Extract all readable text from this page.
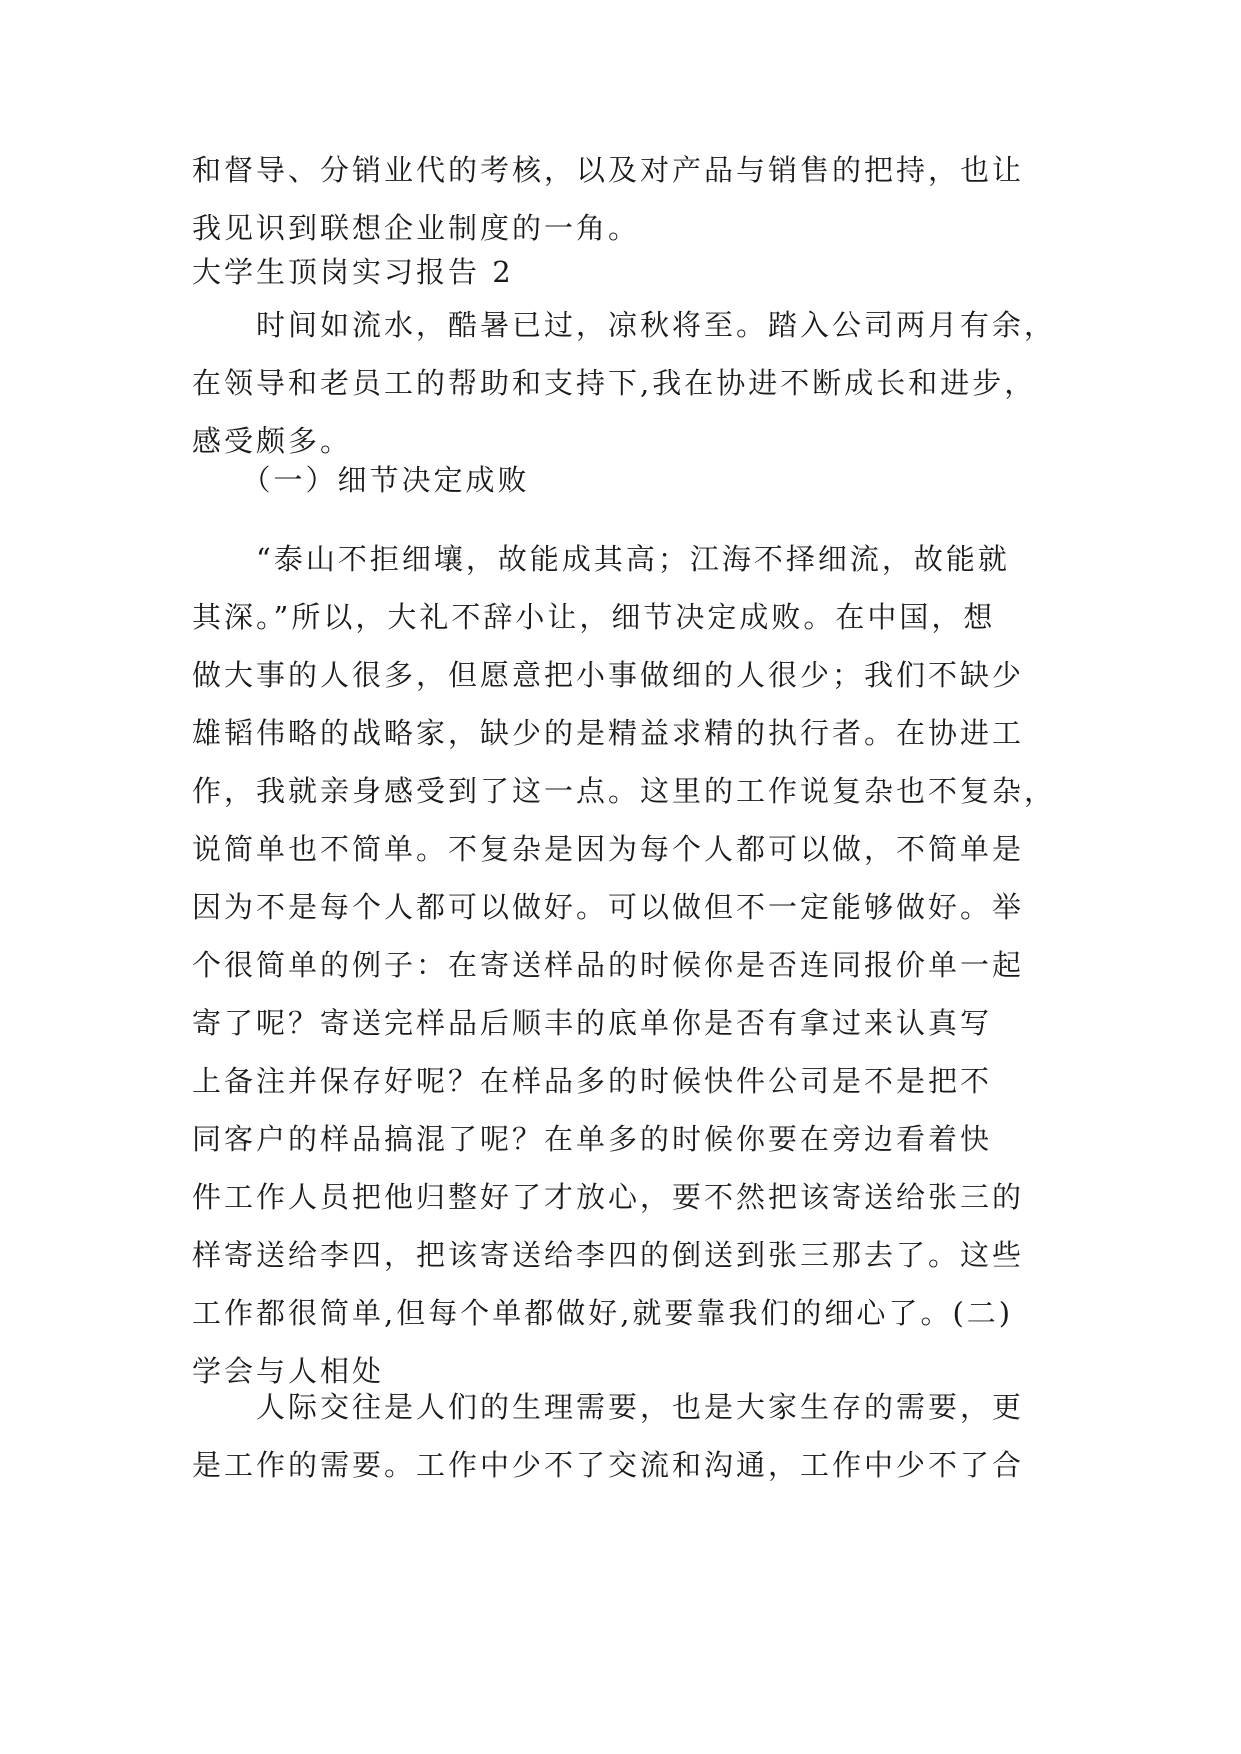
和督导、分销业代的考核，以及对产品与销售的把持，也让
我见识到联想企业制度的一角。
大学生顶岗实习报告 2
　　时间如流水，酷暑已过，凉秋将至。踏入公司两月有余，
在领导和老员工的帮助和支持下,我在协进不断成长和进步，
感受颇多。
　　（一）细节决定成败
　　“泰山不拒细壤，故能成其高；江海不择细流，故能就
其深。”所以，大礼不辞小让，细节决定成败。在中国，想
做大事的人很多，但愿意把小事做细的人很少；我们不缺少
雄韬伟略的战略家，缺少的是精益求精的执行者。在协进工
作，我就亲身感受到了这一点。这里的工作说复杂也不复杂，
说简单也不简单。不复杂是因为每个人都可以做，不简单是
因为不是每个人都可以做好。可以做但不一定能够做好。举
个很简单的例子：在寄送样品的时候你是否连同报价单一起
寄了呢？寄送完样品后顺丰的底单你是否有拿过来认真写
上备注并保存好呢？在样品多的时候快件公司是不是把不
同客户的样品搞混了呢？在单多的时候你要在旁边看着快
件工作人员把他归整好了才放心，要不然把该寄送给张三的
样寄送给李四，把该寄送给李四的倒送到张三那去了。这些
工作都很简单,但每个单都做好,就要靠我们的细心了。(二)
学会与人相处
　　人际交往是人们的生理需要，也是大家生存的需要，更
是工作的需要。工作中少不了交流和沟通，工作中少不了合
